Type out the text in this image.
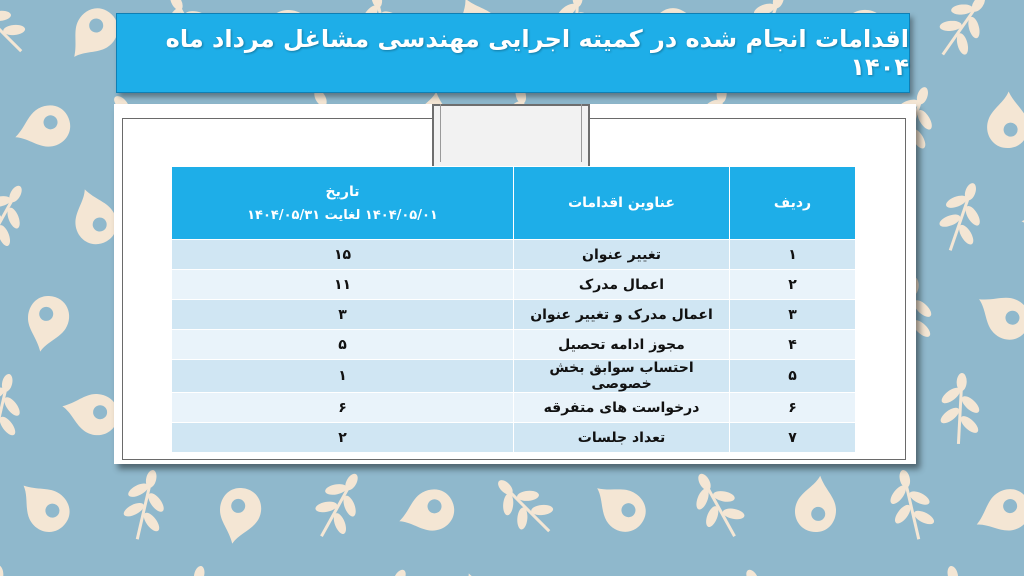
اقدامات انجام شده در کمیته اجرایی مهندسی مشاغل مرداد ماه ۱۴۰۴
ردیف	عناوین اقدامات	تاریخ
۱۴۰۴/۰۵/۰۱ لغایت ۱۴۰۴/۰۵/۳۱

۱	تغییر عنوان	۱۵
۲	اعمال مدرک	۱۱
۳	اعمال مدرک و تغییر عنوان	۳
۴	مجوز ادامه تحصیل	۵
۵	احتساب سوابق بخش خصوصی	۱
۶	درخواست های متفرقه	۶
۷	تعداد جلسات	۲
